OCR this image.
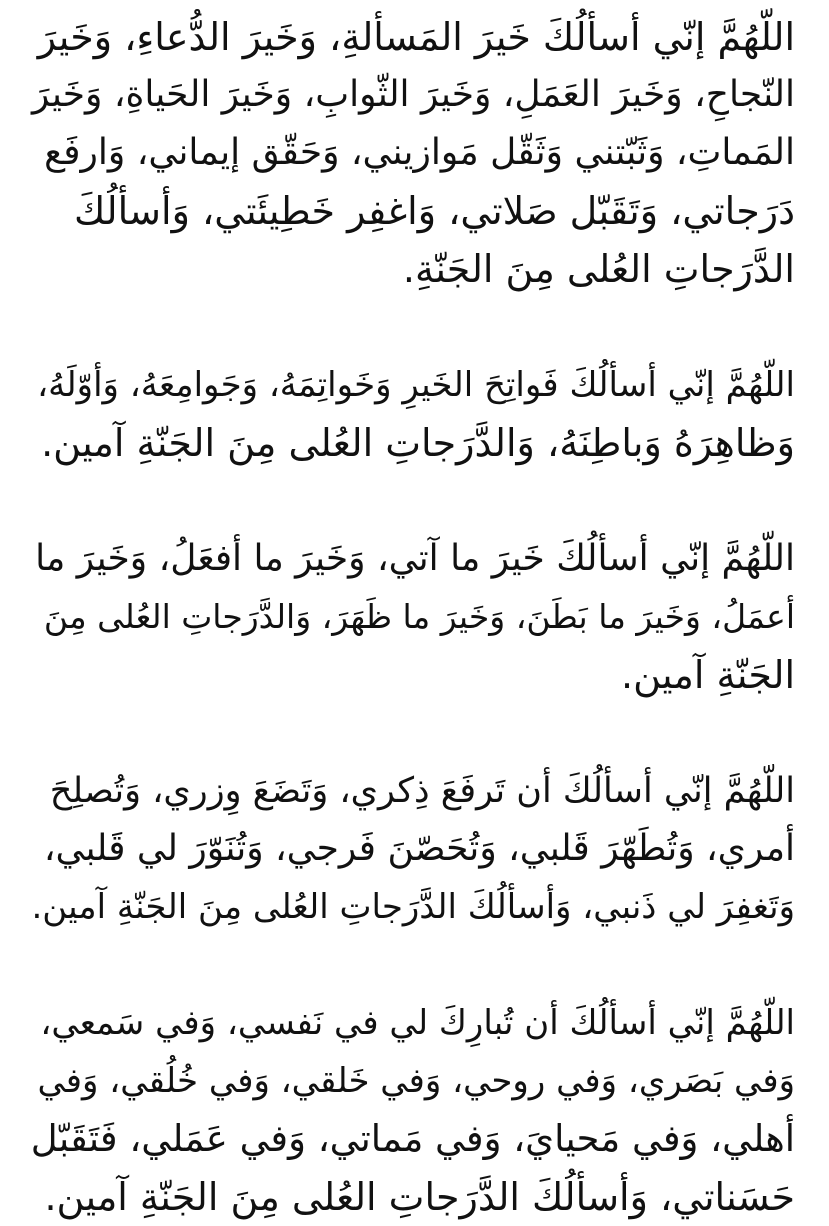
اللّهُمَّ إنّي أسألُكَ خَيرَ المَسألةِ، وَخَيرَ الدُّعاءِ، وَخَيرَ
النّجاحِ، وَخَيرَ العَمَلِ، وَخَيرَ الثّوابِ، وَخَيرَ الحَياةِ، وَخَيرَ
المَماتِ، وَثَبّتني وَثَقّل مَوازيني، وَحَقّق إيماني، وَارفَع
دَرَجاتي، وَتَقَبّل صَلاتي، وَاغفِر خَطِيئَتي، وَأسألُكَ
الدَّرَجاتِ العُلى مِنَ الجَنّةِ.
اللّهُمَّ إنّي أسألُكَ فَواتِحَ الخَيرِ وَخَواتِمَهُ، وَجَوامِعَهُ، وَأوّلَهُ،
وَظاهِرَهُ وَباطِنَهُ، وَالدَّرَجاتِ العُلى مِنَ الجَنّةِ آمين.
اللّهُمَّ إنّي أسألُكَ خَيرَ ما آتي، وَخَيرَ ما أفعَلُ، وَخَيرَ ما
أعمَلُ، وَخَيرَ ما بَطَنَ، وَخَيرَ ما ظَهَرَ، وَالدَّرَجاتِ العُلى مِنَ
الجَنّةِ آمين.
اللّهُمَّ إنّي أسألُكَ أن تَرفَعَ ذِكري، وَتَضَعَ وِزري، وَتُصلِحَ
أمري، وَتُطَهّرَ قَلبي، وَتُحَصّنَ فَرجي، وَتُنَوّرَ لي قَلبي،
وَتَغفِرَ لي ذَنبي، وَأسألُكَ الدَّرَجاتِ العُلى مِنَ الجَنّةِ آمين.
اللّهُمَّ إنّي أسألُكَ أن تُبارِكَ لي في نَفسي، وَفي سَمعي،
وَفي بَصَري، وَفي روحي، وَفي خَلقي، وَفي خُلُقي، وَفي
أهلي، وَفي مَحيايَ، وَفي مَماتي، وَفي عَمَلي، فَتَقَبّل
حَسَناتي، وَأسألُكَ الدَّرَجاتِ العُلى مِنَ الجَنّةِ آمين.
